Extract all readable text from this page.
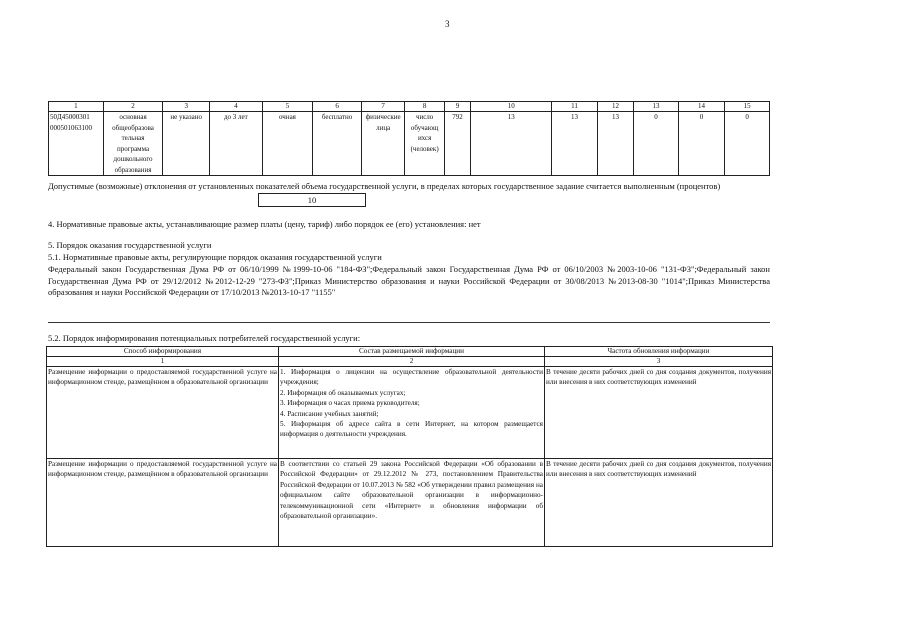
3
1	2	3	4	5	6	7	8	9	10	11	12	13	14	15
50Д45000301 000501063100	основная общеобразова тельная программа дошкольного образования	не указано	до 3 лет	очная	бесплатно	физические лица	число обучающ ихся (человек)	792	13	13	13	0	0	0
Допустимые (возможные) отклонения от установленных показателей объема государственной услуги, в пределах которых государственное задание считается выполненным (процентов)
10
4. Нормативные правовые акты, устанавливающие размер платы (цену, тариф) либо порядок ее (его) установления: нет
5. Порядок оказания государственной услуги
5.1. Нормативные правовые акты, регулирующие порядок оказания государственной услуги
Федеральный закон Государственная Дума РФ от 06/10/1999 №1999-10-06 "184-ФЗ";Федеральный закон Государственная Дума РФ от 06/10/2003 №2003-10-06 "131-ФЗ";Федеральный закон Государственная Дума РФ от 29/12/2012 №2012-12-29 "273-ФЗ";Приказ Министерство образования и науки Российской Федерации от 30/08/2013 №2013-08-30 "1014";Приказ Министерства образования и науки Российской Федерации от 17/10/2013 №2013-10-17 "1155"
5.2. Порядок информирования потенциальных потребителей государственной услуги:
Способ информирования	Состав размещаемой информации	Частота обновления информации
1	2	3
Размещение информации о предоставляемой государственной услуге на информационном стенде, размещённом в образовательной организации	1. Информация о лицензии на осуществление образовательной деятельности учреждения;
2. Информация об оказываемых услугах;
3. Информация о часах приема руководителя;
4. Расписание учебных занятий;
5. Информация об адресе сайта в сети Интернет, на котором размещается информация о деятельности учреждения.	В течение десяти рабочих дней со дня создания документов, получения или внесения в них соответствующих изменений
Размещение информации о предоставляемой государственной услуге на информационном стенде, размещённом в образовательной организации	В соответствии со статьей 29 закона Российской Федерации «Об образовании в Российской Федерации» от 29.12.2012 № 273, постановлением Правительства Российской Федерации от 10.07.2013 № 582 «Об утверждении правил размещения на официальном сайте образовательной организации в информационно-телекоммуникационной сети «Интернет» и обновления информации об образовательной организации».	В течение десяти рабочих дней со дня создания документов, получения или внесения в них соответствующих изменений
